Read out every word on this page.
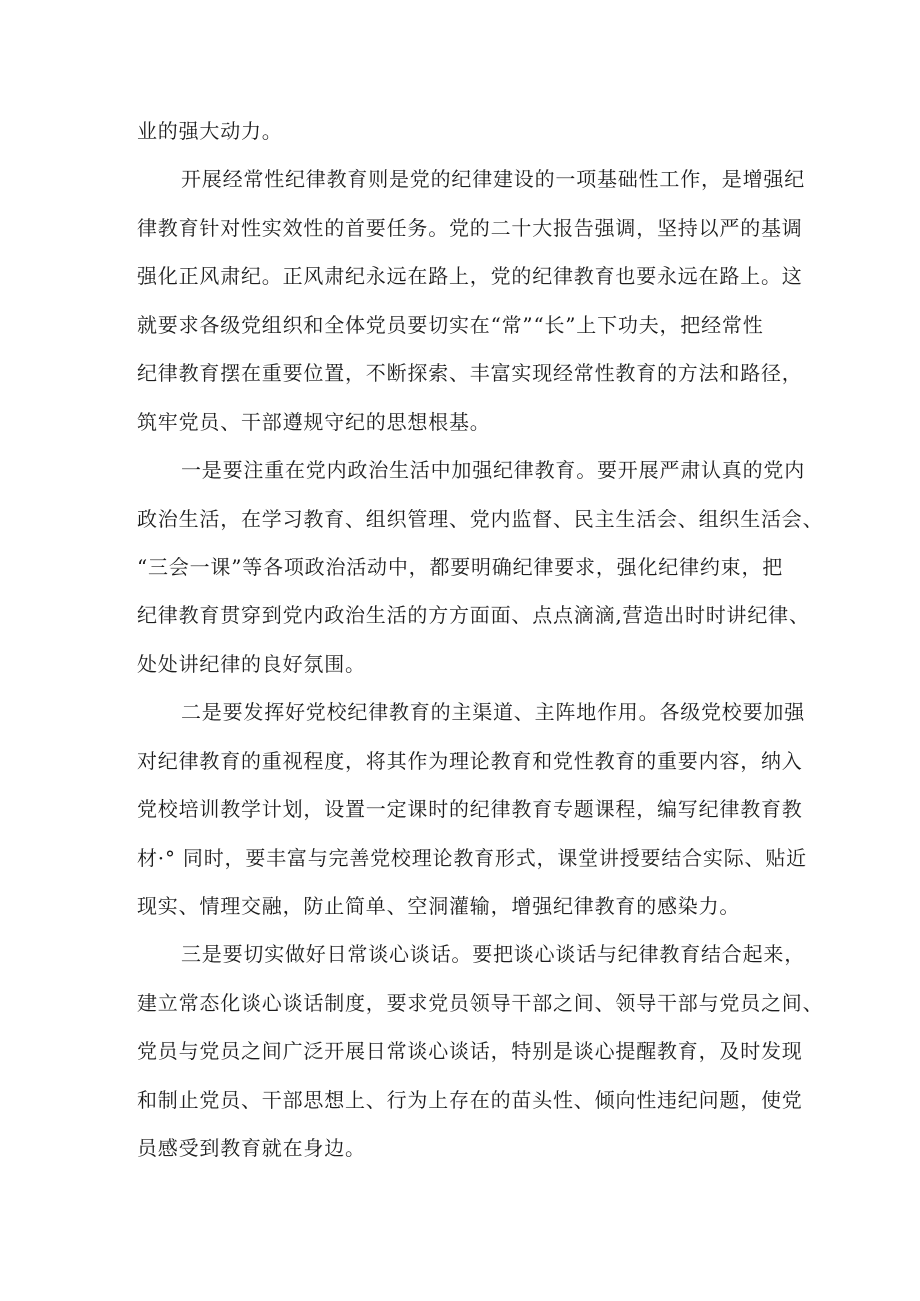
业的强大动力。
开展经常性纪律教育则是党的纪律建设的一项基础性工作，是增强纪
律教育针对性实效性的首要任务。党的二十大报告强调，坚持以严的基调
强化正风肃纪。正风肃纪永远在路上，党的纪律教育也要永远在路上。这
就要求各级党组织和全体党员要切实在“常”“长”上下功夫，把经常性
纪律教育摆在重要位置，不断探索、丰富实现经常性教育的方法和路径，
筑牢党员、干部遵规守纪的思想根基。
一是要注重在党内政治生活中加强纪律教育。要开展严肃认真的党内
政治生活，在学习教育、组织管理、党内监督、民主生活会、组织生活会、
“三会一课”等各项政治活动中，都要明确纪律要求，强化纪律约束，把
纪律教育贯穿到党内政治生活的方方面面、点点滴滴,营造出时时讲纪律、
处处讲纪律的良好氛围。
二是要发挥好党校纪律教育的主渠道、主阵地作用。各级党校要加强
对纪律教育的重视程度，将其作为理论教育和党性教育的重要内容，纳入
党校培训教学计划，设置一定课时的纪律教育专题课程，编写纪律教育教
材·° 同时，要丰富与完善党校理论教育形式，课堂讲授要结合实际、贴近
现实、情理交融，防止简单、空洞灌输，增强纪律教育的感染力。
三是要切实做好日常谈心谈话。要把谈心谈话与纪律教育结合起来，
建立常态化谈心谈话制度，要求党员领导干部之间、领导干部与党员之间、
党员与党员之间广泛开展日常谈心谈话，特别是谈心提醒教育，及时发现
和制止党员、干部思想上、行为上存在的苗头性、倾向性违纪问题，使党
员感受到教育就在身边。
